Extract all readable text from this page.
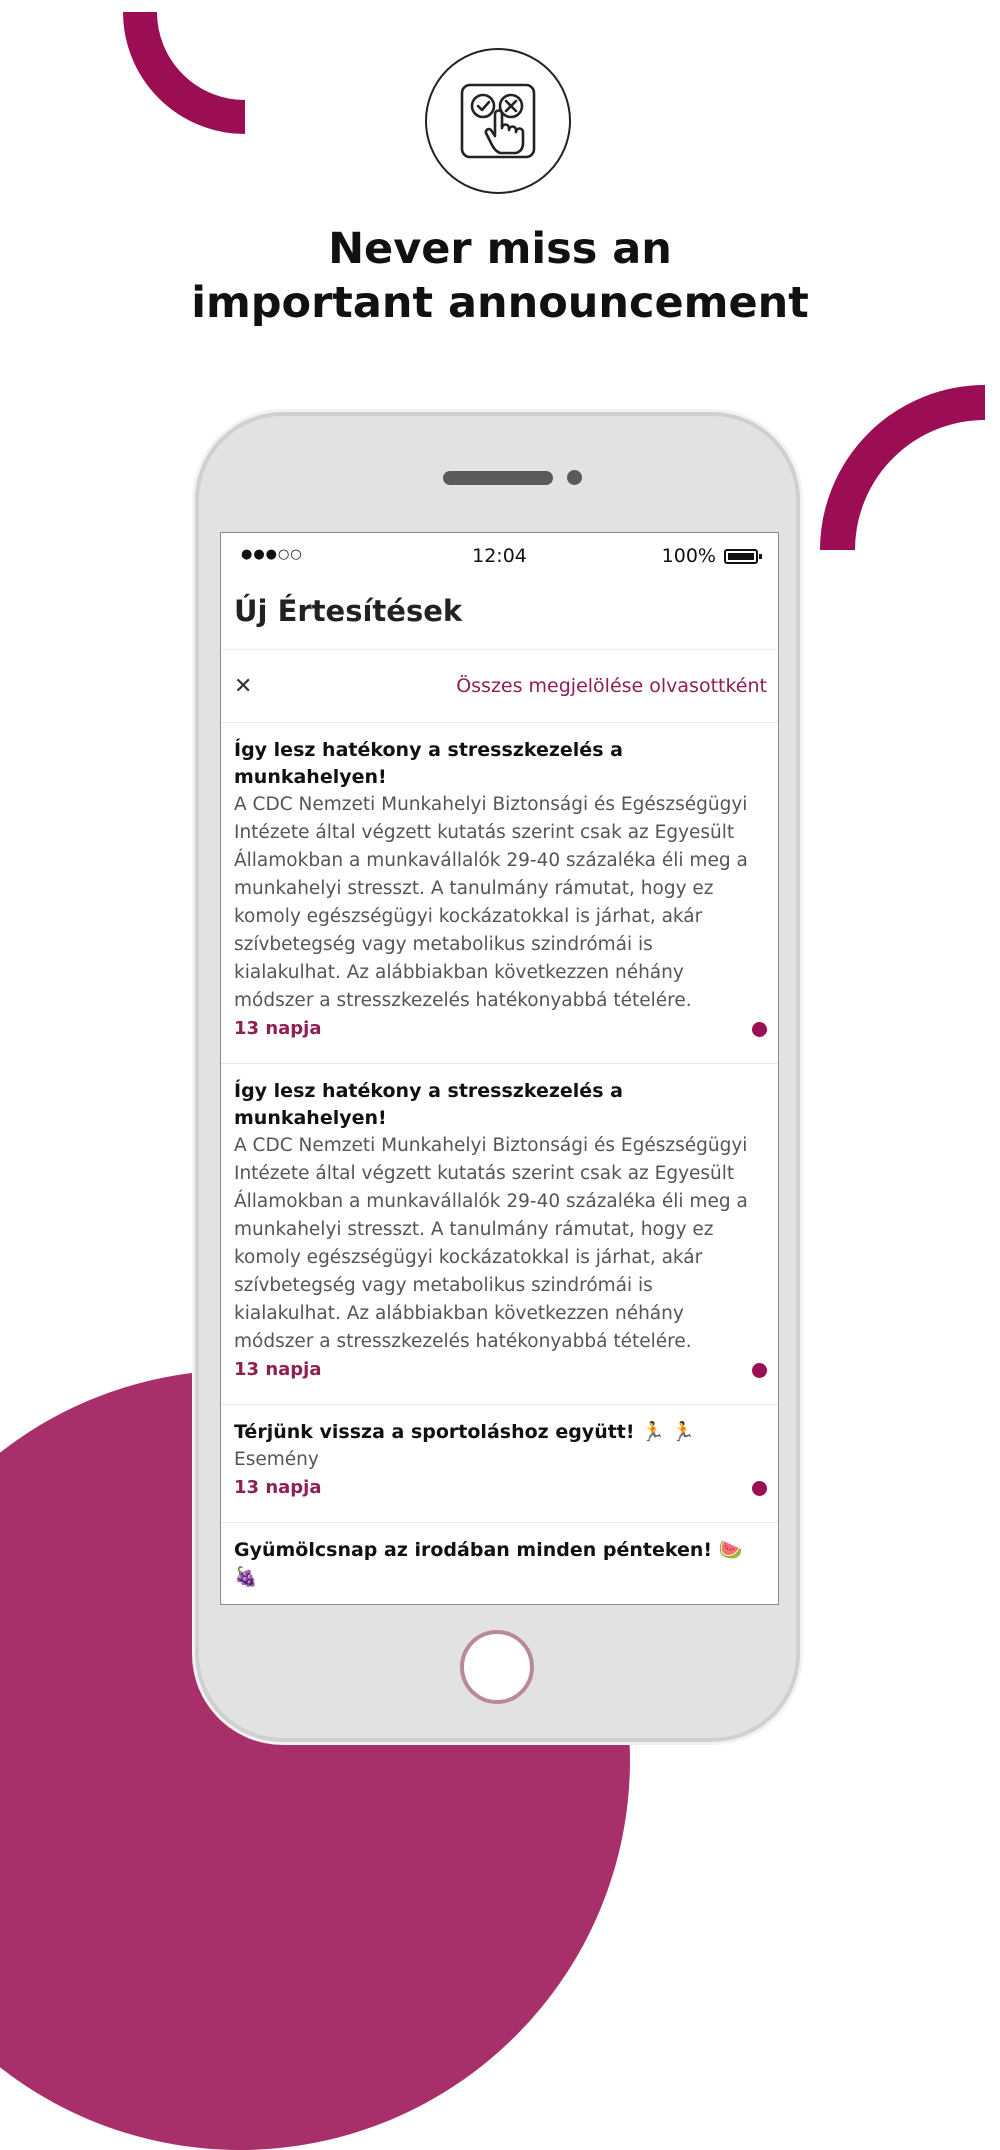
Never miss an
important announcement
●●●○○	12:04	100%
Új Értesítések
✕	Összes megjelölése olvasottként
Így lesz hatékony a stresszkezelés a munkahelyen!
A CDC Nemzeti Munkahelyi Biztonsági és Egészségügyi Intézete által végzett kutatás szerint csak az Egyesült Államokban a munkavállalók 29-40 százaléka éli meg a munkahelyi stresszt. A tanulmány rámutat, hogy ez komoly egészségügyi kockázatokkal is járhat, akár szívbetegség vagy metabolikus szindrómái is kialakulhat. Az alábbiakban következzen néhány módszer a stresszkezelés hatékonyabbá tételére.
13 napja
Így lesz hatékony a stresszkezelés a munkahelyen!
A CDC Nemzeti Munkahelyi Biztonsági és Egészségügyi Intézete által végzett kutatás szerint csak az Egyesült Államokban a munkavállalók 29-40 százaléka éli meg a munkahelyi stresszt. A tanulmány rámutat, hogy ez komoly egészségügyi kockázatokkal is járhat, akár szívbetegség vagy metabolikus szindrómái is kialakulhat. Az alábbiakban következzen néhány módszer a stresszkezelés hatékonyabbá tételére.
13 napja
Térjünk vissza a sportoláshoz együtt! 🏃 🏃
Esemény
13 napja
Gyümölcsnap az irodában minden pénteken! 🍉 🍇
